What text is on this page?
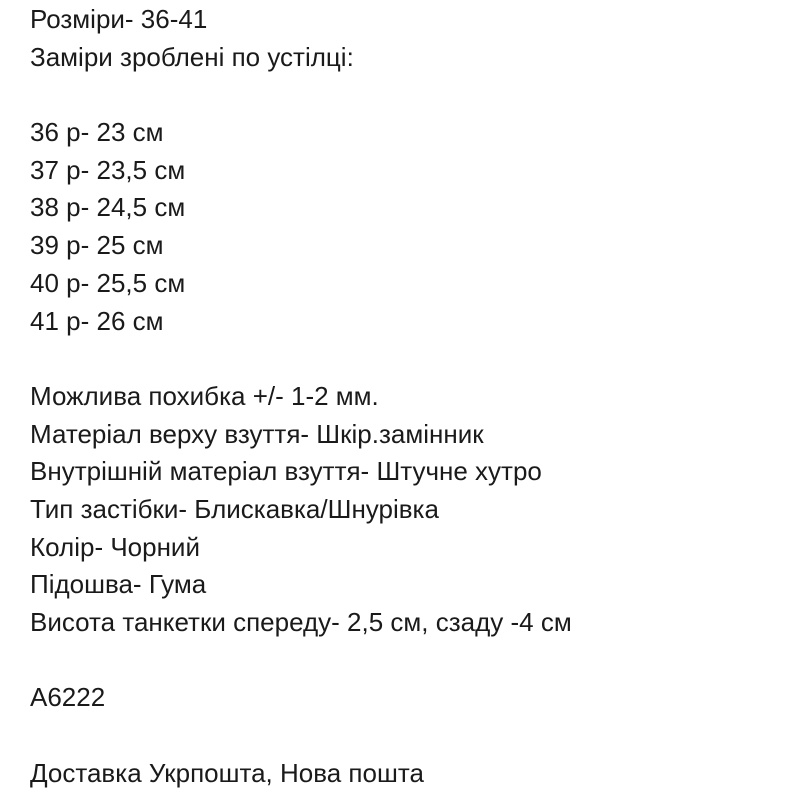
Розміри- 36-41
Заміри зроблені по устілці:
36 р- 23 см
37 р- 23,5 см
38 р- 24,5 см
39 р- 25 см
40 р- 25,5 см
41 р- 26 см
Можлива похибка +/- 1-2 мм.
Матеріал верху взуття- Шкір.замінник
Внутрішній матеріал взуття- Штучне хутро
Тип застібки- Блискавка/Шнурівка
Колір- Чорний
Підошва- Гума
Висота танкетки спереду- 2,5 см, сзаду -4 см
А6222
Доставка Укрпошта, Нова пошта
